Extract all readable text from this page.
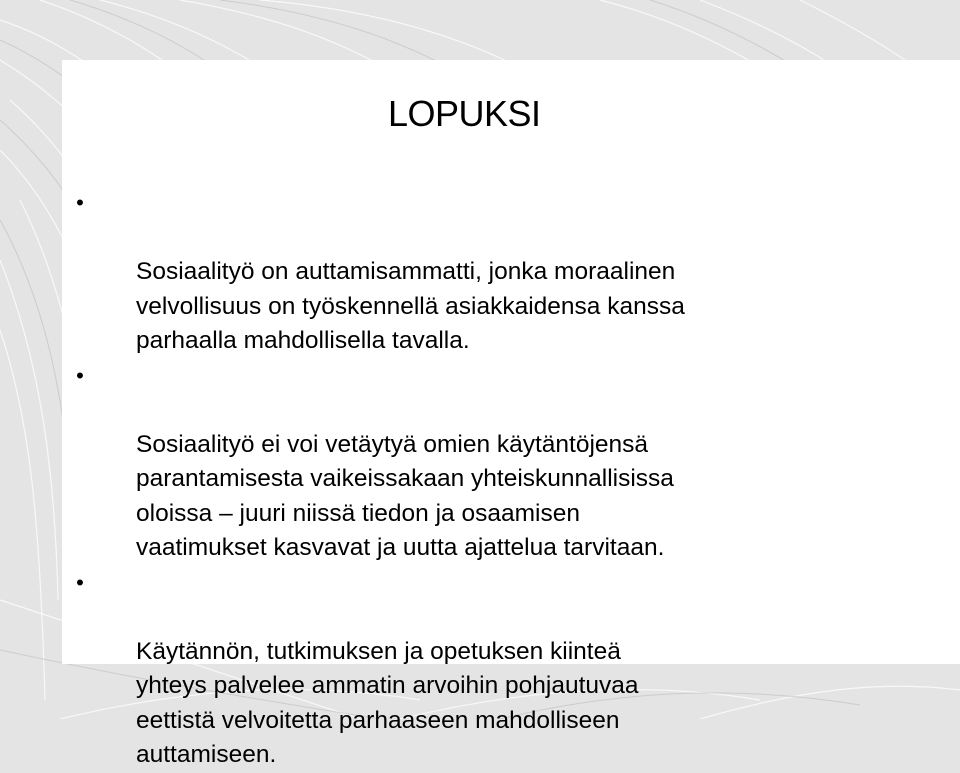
LOPUKSI

•

Sosiaalityö on auttamisammatti, jonka moraalinen
velvollisuus on työskennellä asiakkaidensa kanssa
parhaalla mahdollisella tavalla.

•

Sosiaalityö ei voi vetäytyä omien käytäntöjensä
parantamisesta vaikeissakaan yhteiskunnallisissa
oloissa – juuri niissä tiedon ja osaamisen
vaatimukset kasvavat ja uutta ajattelua tarvitaan.

•

Käytännön, tutkimuksen ja opetuksen kiinteä
yhteys palvelee ammatin arvoihin pohjautuvaa
eettistä velvoitetta parhaaseen mahdolliseen
auttamiseen.
